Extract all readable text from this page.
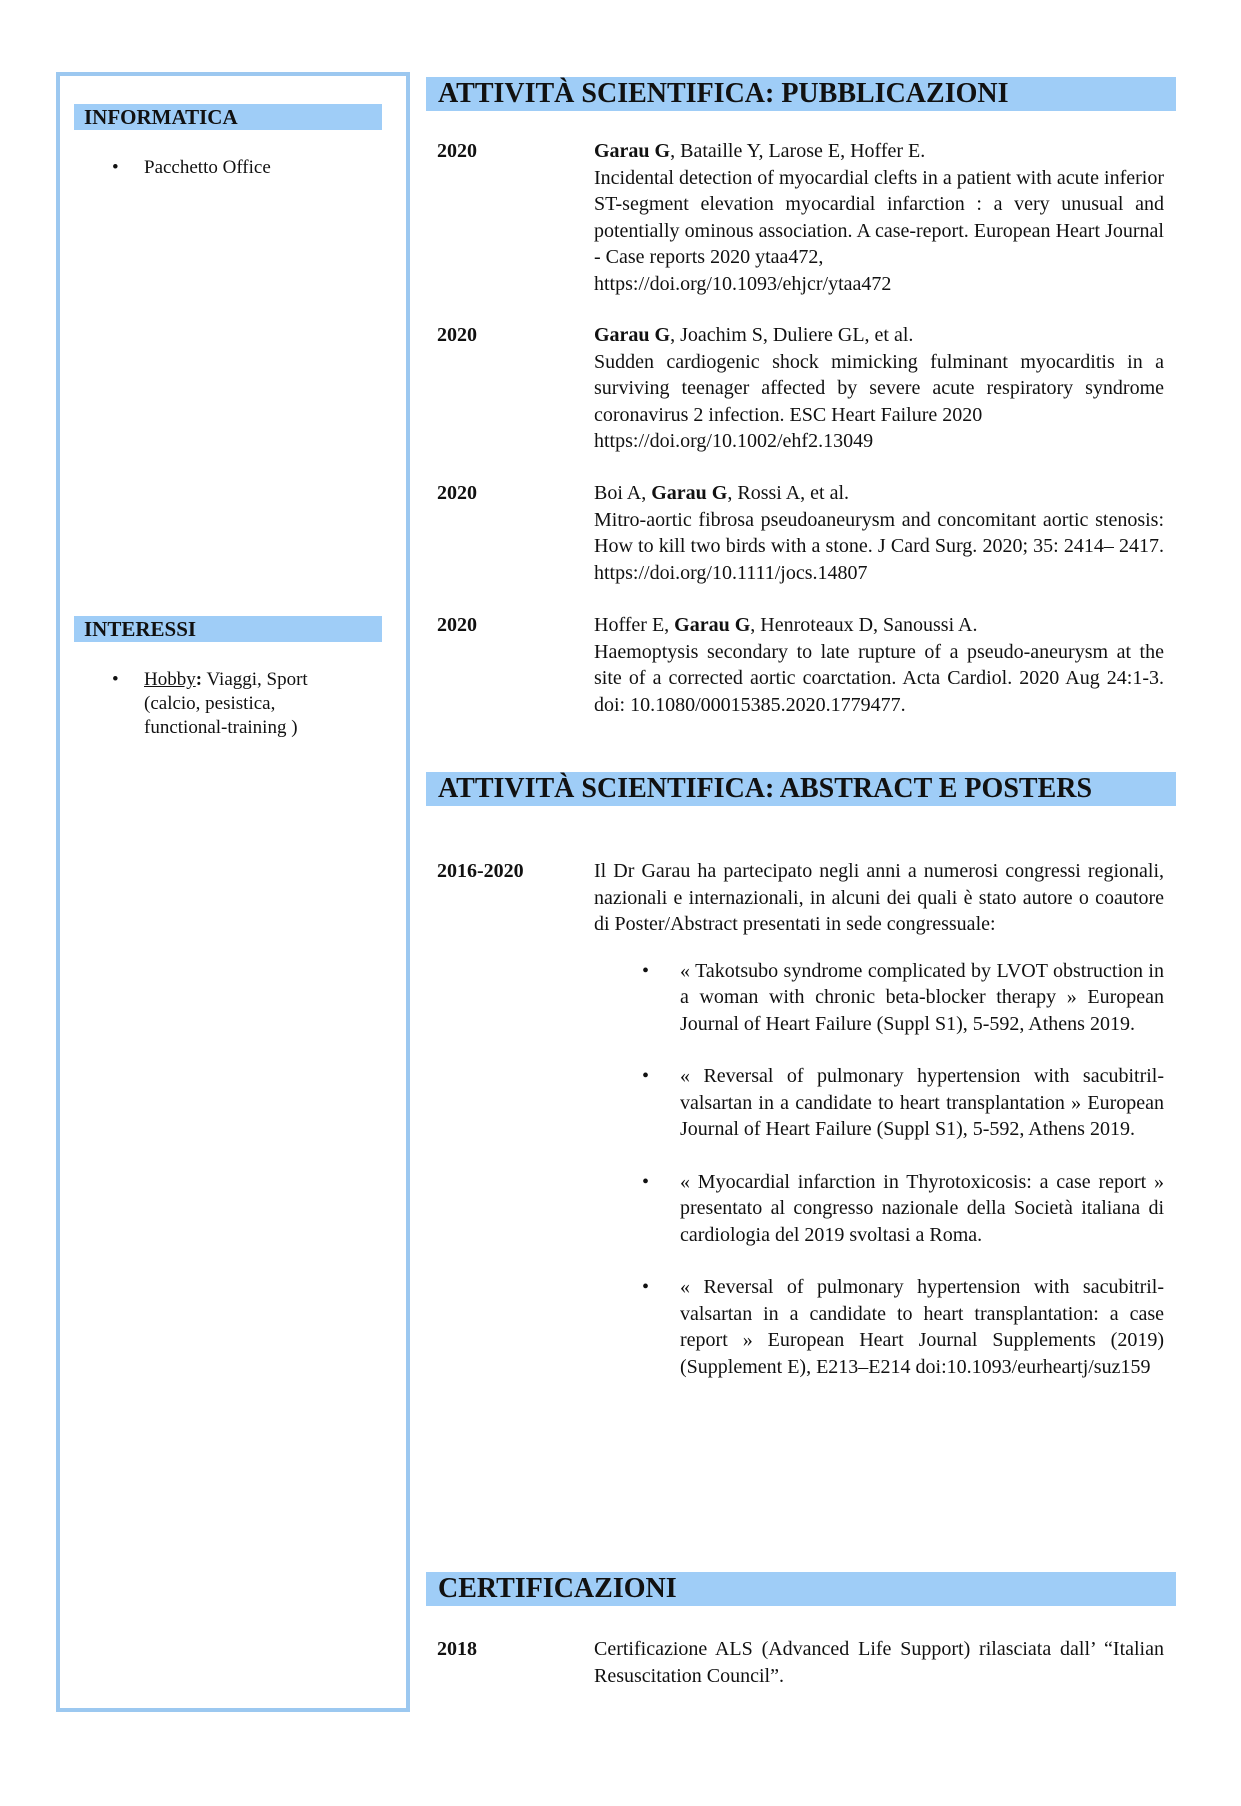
INFORMATICA
• Pacchetto Office
INTERESSI
• Hobby: Viaggi, Sport
(calcio, pesistica,
functional-training )
ATTIVITÀ SCIENTIFICA: PUBBLICAZIONI
2020	Garau G, Bataille Y, Larose E, Hoffer E.
Incidental detection of myocardial clefts in a patient with acute inferior ST-segment elevation myocardial infarction : a very unusual and potentially ominous association. A case-report. European Heart Journal - Case reports 2020 ytaa472,
https://doi.org/10.1093/ehjcr/ytaa472
2020	Garau G, Joachim S, Duliere GL, et al.
Sudden cardiogenic shock mimicking fulminant myocarditis in a surviving teenager affected by severe acute respiratory syndrome coronavirus 2 infection. ESC Heart Failure 2020
https://doi.org/10.1002/ehf2.13049
2020	Boi A, Garau G, Rossi A, et al.
Mitro-aortic fibrosa pseudoaneurysm and concomitant aortic stenosis: How to kill two birds with a stone. J Card Surg. 2020; 35: 2414– 2417. https://doi.org/10.1111/jocs.14807
2020	Hoffer E, Garau G, Henroteaux D, Sanoussi A.
Haemoptysis secondary to late rupture of a pseudo-aneurysm at the site of a corrected aortic coarctation. Acta Cardiol. 2020 Aug 24:1-3. doi: 10.1080/00015385.2020.1779477.
ATTIVITÀ SCIENTIFICA: ABSTRACT E POSTERS
2016-2020	Il Dr Garau ha partecipato negli anni a numerosi congressi regionali, nazionali e internazionali, in alcuni dei quali è stato autore o coautore di Poster/Abstract presentati in sede congressuale:
• « Takotsubo syndrome complicated by LVOT obstruction in a woman with chronic beta-blocker therapy » European Journal of Heart Failure (Suppl S1), 5-592, Athens 2019.
• « Reversal of pulmonary hypertension with sacubitril-valsartan in a candidate to heart transplantation » European Journal of Heart Failure (Suppl S1), 5-592, Athens 2019.
• « Myocardial infarction in Thyrotoxicosis: a case report » presentato al congresso nazionale della Società italiana di cardiologia del 2019 svoltasi a Roma.
• « Reversal of pulmonary hypertension with sacubitril-valsartan in a candidate to heart transplantation: a case report » European Heart Journal Supplements (2019) (Supplement E), E213–E214 doi:10.1093/eurheartj/suz159
CERTIFICAZIONI
2018	Certificazione ALS (Advanced Life Support) rilasciata dall’ “Italian Resuscitation Council”.
